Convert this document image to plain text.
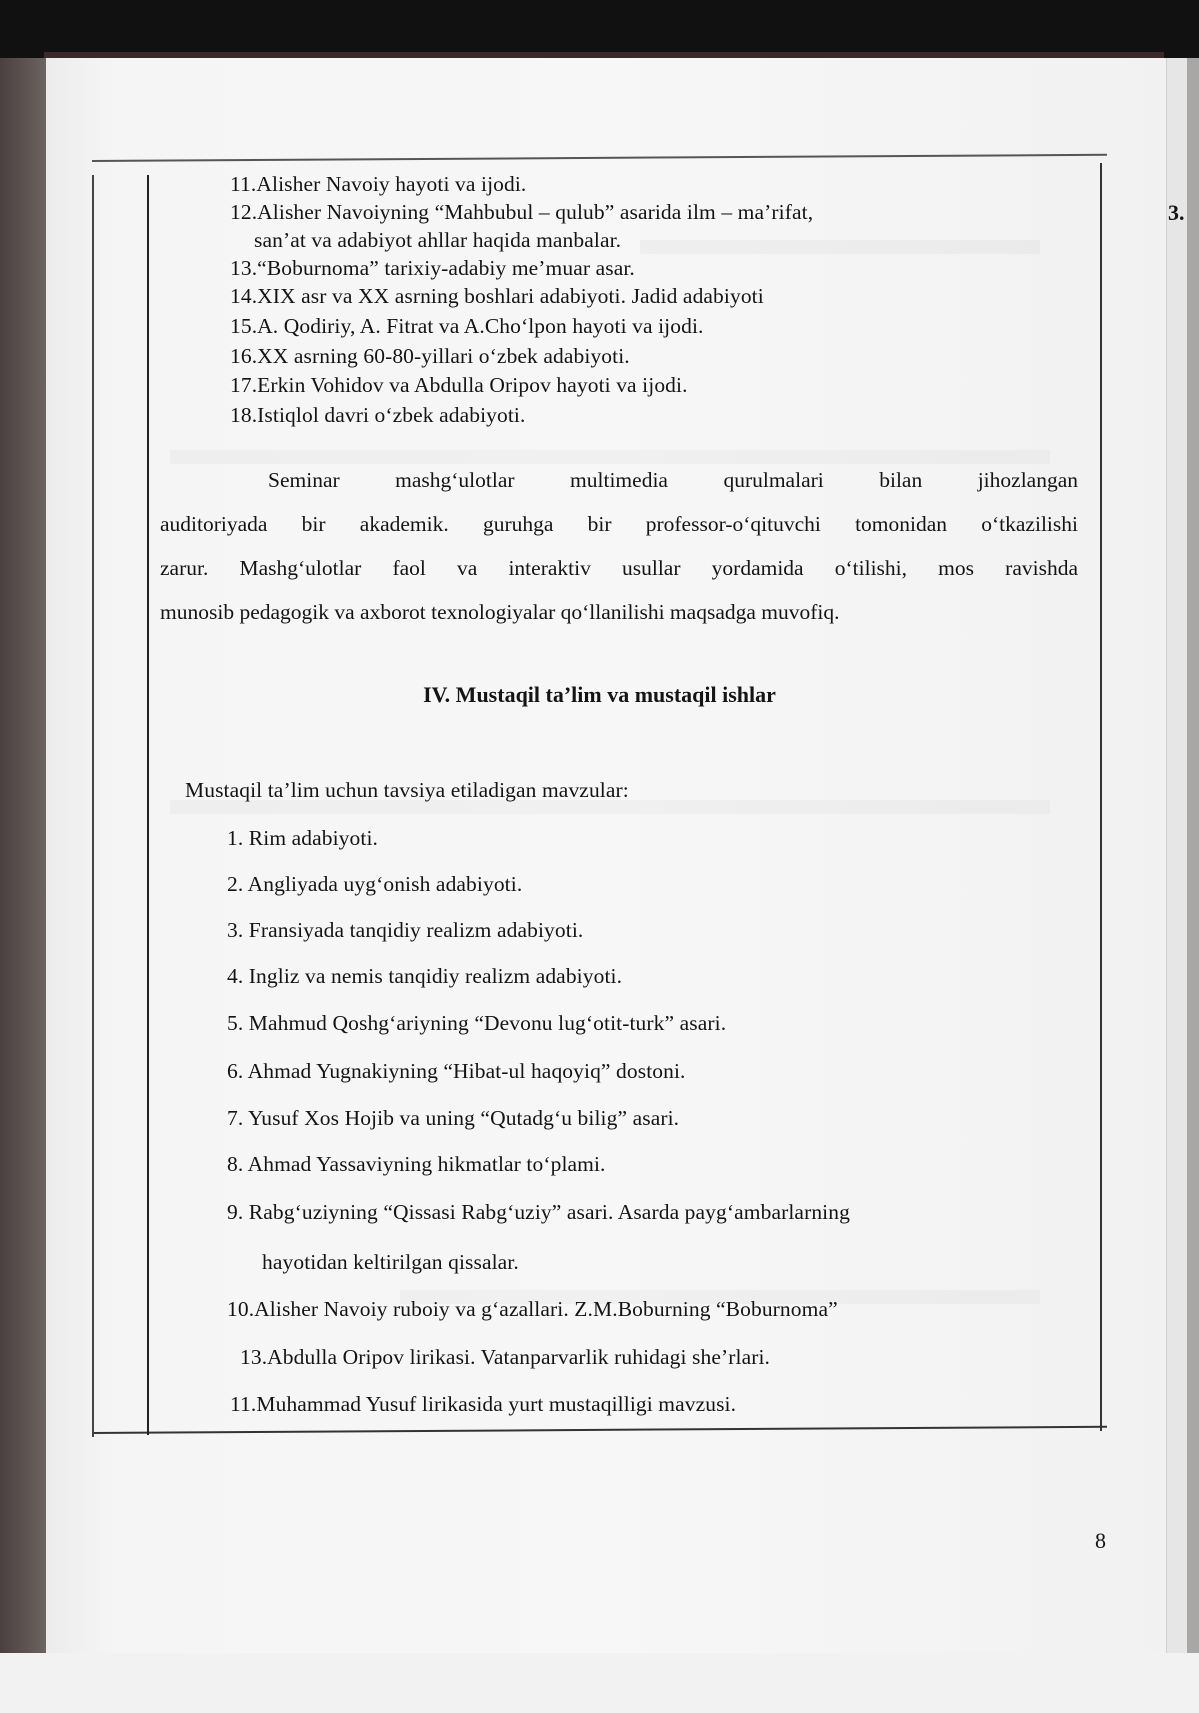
3.
11.Alisher Navoiy hayoti va ijodi.
12.Alisher Navoiyning “Mahbubul – qulub” asarida ilm – ma’rifat,
san’at va adabiyot ahllar haqida manbalar.
13.“Boburnoma” tarixiy-adabiy me’muar asar.
14.XIX asr va XX asrning boshlari adabiyoti. Jadid adabiyoti
15.A. Qodiriy, A. Fitrat va A.Cho‘lpon hayoti va ijodi.
16.XX asrning 60-80-yillari o‘zbek adabiyoti.
17.Erkin Vohidov va Abdulla Oripov hayoti va ijodi.
18.Istiqlol davri o‘zbek adabiyoti.
Seminar mashg‘ulotlar multimedia qurulmalari bilan jihozlangan
auditoriyada bir akademik. guruhga bir professor-o‘qituvchi tomonidan o‘tkazilishi
zarur. Mashg‘ulotlar faol va interaktiv usullar yordamida o‘tilishi, mos ravishda
munosib pedagogik va axborot texnologiyalar qo‘llanilishi maqsadga muvofiq.
IV. Mustaqil ta’lim va mustaqil ishlar
Mustaqil ta’lim uchun tavsiya etiladigan mavzular:
1. Rim adabiyoti.
2. Angliyada uyg‘onish adabiyoti.
3. Fransiyada tanqidiy realizm adabiyoti.
4. Ingliz va nemis tanqidiy realizm adabiyoti.
5. Mahmud Qoshg‘ariyning “Devonu lug‘otit-turk” asari.
6. Ahmad Yugnakiyning “Hibat-ul haqoyiq” dostoni.
7. Yusuf Xos Hojib va uning “Qutadg‘u bilig” asari.
8. Ahmad Yassaviyning hikmatlar to‘plami.
9. Rabg‘uziyning “Qissasi Rabg‘uziy” asari. Asarda payg‘ambarlarning
hayotidan keltirilgan qissalar.
10.Alisher Navoiy ruboiy va g‘azallari. Z.M.Boburning “Boburnoma”
13.Abdulla Oripov lirikasi. Vatanparvarlik ruhidagi she’rlari.
11.Muhammad Yusuf lirikasida yurt mustaqilligi mavzusi.
8
